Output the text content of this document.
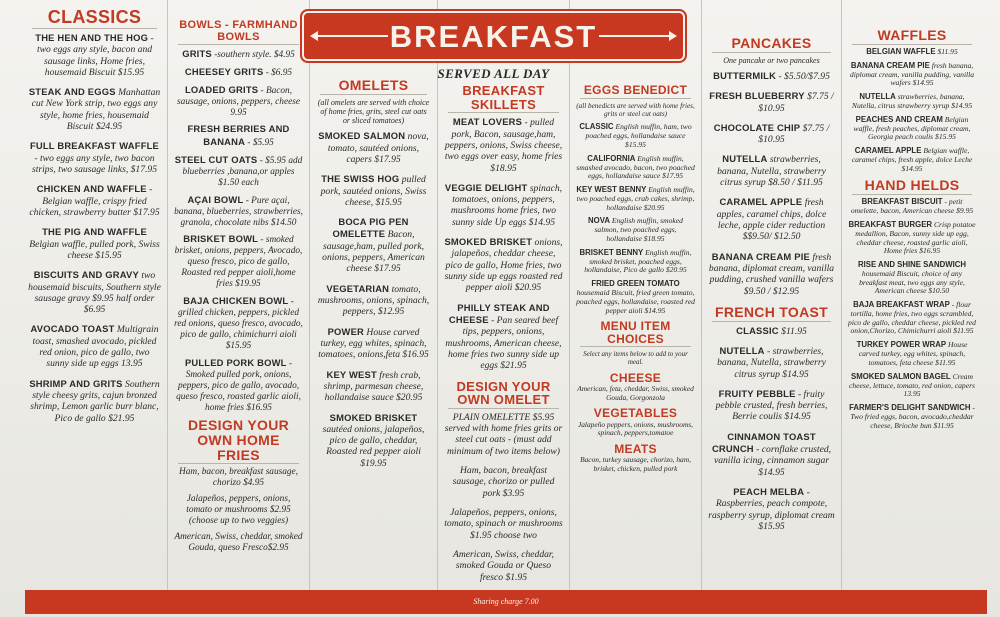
CLASSICS
THE HEN AND THE HOG - two eggs any style, bacon and sausage links, Home fries, housemaid Biscuit $15.95
STEAK AND EGGS Manhattan cut New York strip, two eggs any style, home fries, housemaid Biscuit $24.95
FULL BREAKFAST WAFFLE - two eggs any style, two bacon strips, two sausage links, $17.95
CHICKEN AND WAFFLE - Belgian waffle, crispy fried chicken, strawberry butter $17.95
THE PIG AND WAFFLE Belgian waffle, pulled pork, Swiss cheese $15.95
BISCUITS AND GRAVY two housemaid biscuits, Southern style sausage gravy $9.95 half order $6.95
AVOCADO TOAST Multigrain toast, smashed avocado, pickled red onion, pico de gallo, two sunny side up eggs 13.95
SHRIMP AND GRITS Southern style cheesy grits, cajun bronzed shrimp, Lemon garlic burr blanc, Pico de gallo $21.95
BOWLS - FARMHAND BOWLS
GRITS -southern style. $4.95
CHEESEY GRITS - $6.95
LOADED GRITS - Bacon, sausage, onions, peppers, cheese 9.95
FRESH BERRIES AND BANANA - $5.95
STEEL CUT OATS - $5.95 add blueberries ,banana,or apples $1.50 each
AÇAI BOWL - Pure açai, banana, blueberries, strawberries, granola, chocolate nibs $14.50
BRISKET BOWL - smoked brisket, onions, peppers, Avocado, queso fresco, pico de gallo, Roasted red pepper aioli,home fries $19.95
BAJA CHICKEN BOWL - grilled chicken, peppers, pickled red onions, queso fresco, avocado, pico de gallo, chimichurri aioli $15.95
PULLED PORK BOWL - Smoked pulled pork, onions, peppers, pico de gallo, avocado, queso fresco, roasted garlic aioli, home fries $16.95
DESIGN YOUR OWN HOME FRIES
Ham, bacon, breakfast sausage, chorizo $4.95
Jalapeños, peppers, onions, tomato or mushrooms $2.95 (choose up to two veggies)
American, Swiss, cheddar, smoked Gouda, queso Fresco$2.95
OMELETS
(all omelets are served with choice of home fries, grits, steel cut oats or sliced tomatoes)
SMOKED SALMON nova, tomato, sautéed onions, capers $17.95
THE SWISS HOG pulled pork, sautéed onions, Swiss cheese, $15.95
BOCA PIG PEN OMELETTE Bacon, sausage,ham, pulled pork, onions, peppers, American cheese $17.95
VEGETARIAN tomato, mushrooms, onions, spinach, peppers, $12.95
POWER House carved turkey, egg whites, spinach, tomatoes, onions,feta $16.95
KEY WEST fresh crab, shrimp, parmesan cheese, hollandaise sauce $20.95
SMOKED BRISKET sautéed onions, jalapeños, pico de gallo, cheddar, Roasted red pepper aioli $19.95
BREAKFAST SKILLETS
MEAT LOVERS - pulled pork, Bacon, sausage,ham, peppers, onions, Swiss cheese, two eggs over easy, home fries $18.95
VEGGIE DELIGHT spinach, tomatoes, onions, peppers, mushrooms home fries, two sunny side Up eggs $14.95
SMOKED BRISKET onions, jalapeños, cheddar cheese, pico de gallo, Home fries, two sunny side up eggs roasted red pepper aioli $20.95
PHILLY STEAK AND CHEESE - Pan seared beef tips, peppers, onions, mushrooms, American cheese, home fries two sunny side up eggs $21.95
DESIGN YOUR OWN OMELET
PLAIN OMELETTE $5.95 served with home fries grits or steel cut oats - (must add minimum of two items below)
Ham, bacon, breakfast sausage, chorizo or pulled pork $3.95
Jalapeños, peppers, onions, tomato, spinach or mushrooms $1.95 choose two
American, Swiss, cheddar, smoked Gouda or Queso fresco $1.95
EGGS BENEDICT
(all benedicts are served with home fries, grits or steel cut oats)
CLASSIC English muffin, ham, two poached eggs, hollandaise sauce $15.95
CALIFORNIA English muffin, smashed avocado, bacon, two poached eggs, hollandaise sauce $17.95
KEY WEST BENNY English muffin, two poached eggs, crab cakes, shrimp, hollandaise $20.95
NOVA English muffin, smoked salmon, two poached eggs, hollandaise $18.95
BRISKET BENNY English muffin, smoked brisket, poached eggs, hollandaise, Pico de gallo $20.95
FRIED GREEN TOMATO housemaid Biscuit, fried green tomato, poached eggs, hollandaise, roasted red pepper aioli $14.95
MENU ITEM CHOICES
Select any items below to add to your meal.
CHEESE
American, feta, cheddar, Swiss, smoked Gouda, Gorgonzola
VEGETABLES
Jalapeño peppers, onions, mushrooms, spinach, peppers,tomatoe
MEATS
Bacon, turkey sausage, chorizo, ham, brisket, chicken, pulled pork
PANCAKES
One pancake or two pancakes
BUTTERMILK - $5.50/$7.95
FRESH BLUEBERRY $7.75 / $10.95
CHOCOLATE CHIP $7.75 / $10.95
NUTELLA strawberries, banana, Nutella, strawberry citrus syrup $8.50 / $11.95
CARAMEL APPLE fresh apples, caramel chips, dolce leche, apple cider reduction $$9.50/ $12.50
BANANA CREAM PIE fresh banana, diplomat cream, vanilla pudding, crushed vanilla wafers $9.50 / $12.95
FRENCH TOAST
CLASSIC $11.95
NUTELLA - strawberries, banana, Nutella, strawberry citrus syrup $14.95
FRUITY PEBBLE - fruity pebble crusted, fresh berries, Berrie coulis $14.95
CINNAMON TOAST CRUNCH - cornflake crusted, vanilla icing, cinnamon sugar $14.95
PEACH MELBA - Raspberries, peach compote, raspberry syrup, diplomat cream $15.95
WAFFLES
BELGIAN WAFFLE $11.95
BANANA CREAM PIE fresh banana, diplomat cream, vanilla pudding, vanilla wafers $14.95
NUTELLA strawberries, banana, Nutella, citrus strawberry syrup $14.95
PEACHES AND CREAM Belgian waffle, fresh peaches, diplomat cream, Georgia peach coulis $15.95
CARAMEL APPLE Belgian waffle, caramel chips, fresh apple, dolce Leche $14.95
HAND HELDS
BREAKFAST BISCUIT - petit omelette, bacon, American cheese $9.95
BREAKFAST BURGER Crisp potatoe medallion, Bacon, sunny side up egg, cheddar cheese, roasted garlic aioli, Home fries $16.95
RISE AND SHINE SANDWICH housemaid Biscuit, choice of any breakfast meat, two eggs any style, American cheese $10.50
BAJA BREAKFAST WRAP - flour tortilla, home fries, two eggs scrambled, pico de gallo, cheddar cheese, pickled red onion,Chorizo, Chimichurri aioli $11.95
TURKEY POWER WRAP House carved turkey, egg whites, spinach, tomatoes, feta cheese $11.95
SMOKED SALMON BAGEL Cream cheese, lettuce, tomato, red onion, capers 13.95
FARMER'S DELIGHT SANDWICH - Two fried eggs, bacon, avocado,cheddar cheese, Brioche bun $11.95
BREAKFAST
SERVED ALL DAY
Sharing charge 7.00
